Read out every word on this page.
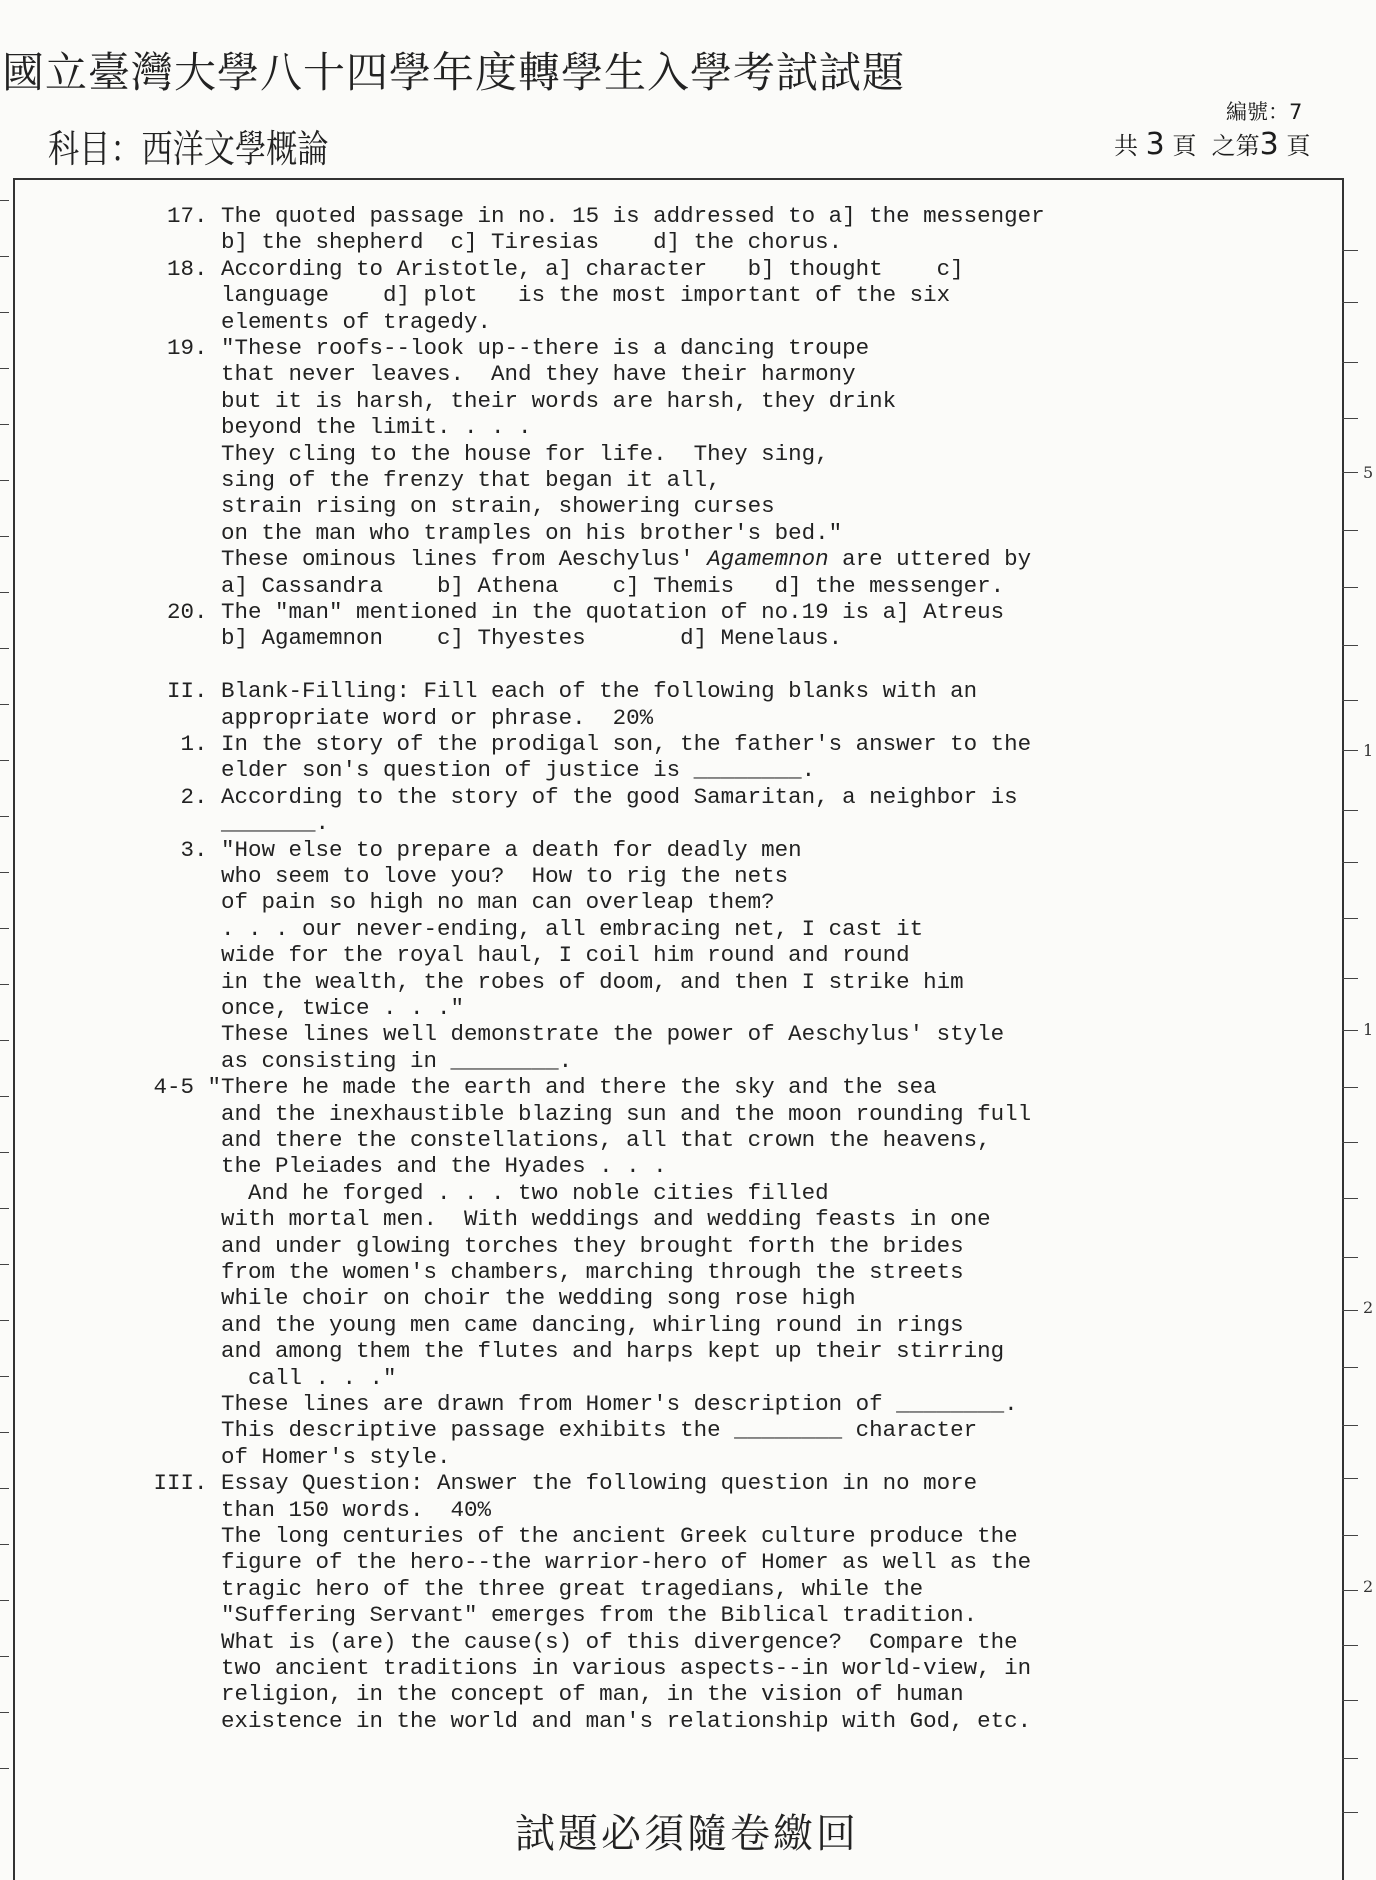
國立臺灣大學八十四學年度轉學生入學考試試題
科目：西洋文學概論
編號：7
共 3 頁 之第3 頁
5
1
1
2
2
17. The quoted passage in no. 15 is addressed to a] the messenger
b] the shepherd  c] Tiresias    d] the chorus.
18. According to Aristotle, a] character   b] thought    c]
language    d] plot   is the most important of the six
elements of tragedy.
19. "These roofs--look up--there is a dancing troupe
that never leaves.  And they have their harmony
but it is harsh, their words are harsh, they drink
beyond the limit. . . .
They cling to the house for life.  They sing,
sing of the frenzy that began it all,
strain rising on strain, showering curses
on the man who tramples on his brother's bed."
These ominous lines from Aeschylus' Agamemnon are uttered by
a] Cassandra    b] Athena    c] Themis   d] the messenger.
20. The "man" mentioned in the quotation of no.19 is a] Atreus
b] Agamemnon    c] Thyestes       d] Menelaus.
II. Blank-Filling: Fill each of the following blanks with an
appropriate word or phrase.  20%
1. In the story of the prodigal son, the father's answer to the
elder son's question of justice is ________.
2. According to the story of the good Samaritan, a neighbor is
_______.
3. "How else to prepare a death for deadly men
who seem to love you?  How to rig the nets
of pain so high no man can overleap them?
. . . our never-ending, all embracing net, I cast it
wide for the royal haul, I coil him round and round
in the wealth, the robes of doom, and then I strike him
once, twice . . ."
These lines well demonstrate the power of Aeschylus' style
as consisting in ________.
4-5 "There he made the earth and there the sky and the sea
and the inexhaustible blazing sun and the moon rounding full
and there the constellations, all that crown the heavens,
the Pleiades and the Hyades . . .
And he forged . . . two noble cities filled
with mortal men.  With weddings and wedding feasts in one
and under glowing torches they brought forth the brides
from the women's chambers, marching through the streets
while choir on choir the wedding song rose high
and the young men came dancing, whirling round in rings
and among them the flutes and harps kept up their stirring
call . . ."
These lines are drawn from Homer's description of ________.
This descriptive passage exhibits the ________ character
of Homer's style.
III. Essay Question: Answer the following question in no more
than 150 words.  40%
The long centuries of the ancient Greek culture produce the
figure of the hero--the warrior-hero of Homer as well as the
tragic hero of the three great tragedians, while the
"Suffering Servant" emerges from the Biblical tradition.
What is (are) the cause(s) of this divergence?  Compare the
two ancient traditions in various aspects--in world-view, in
religion, in the concept of man, in the vision of human
existence in the world and man's relationship with God, etc.
試題必須隨卷繳回
